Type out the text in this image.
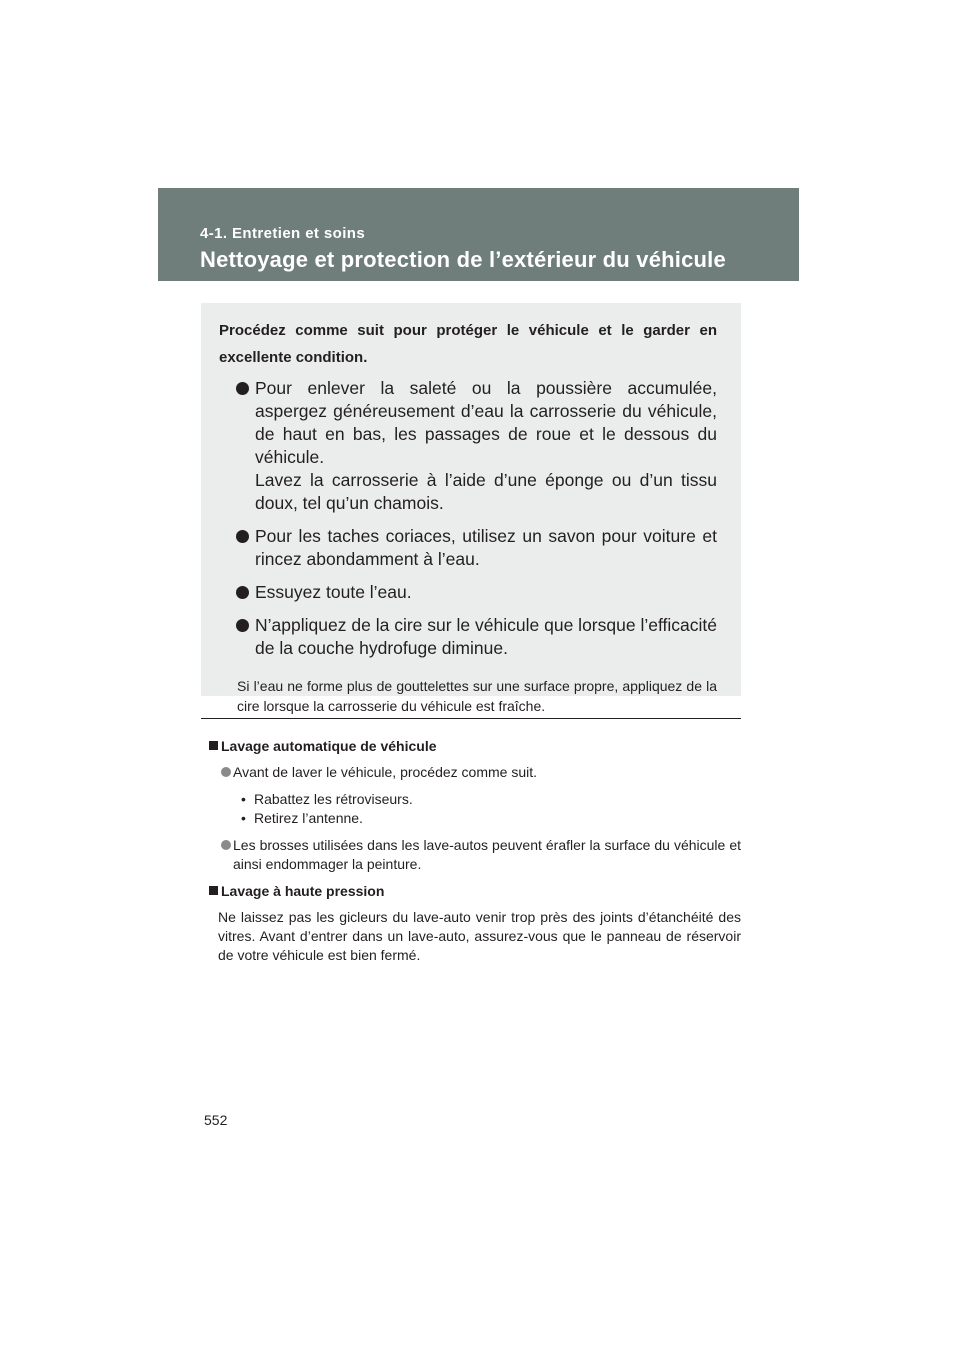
4-1. Entretien et soins
Nettoyage et protection de l’extérieur du véhicule

Procédez comme suit pour protéger le véhicule et le garder en excellente condition.

Pour enlever la saleté ou la poussière accumulée, aspergez généreusement d’eau la carrosserie du véhicule, de haut en bas, les passages de roue et le dessous du véhicule.
Lavez la carrosserie à l’aide d’une éponge ou d’un tissu doux, tel qu’un chamois.
Pour les taches coriaces, utilisez un savon pour voiture et rincez abondamment à l’eau.
Essuyez toute l’eau.
N’appliquez de la cire sur le véhicule que lorsque l’efficacité de la couche hydrofuge diminue.
Si l’eau ne forme plus de gouttelettes sur une surface propre, appliquez de la cire lorsque la carrosserie du véhicule est fraîche.
Lavage automatique de véhicule
Avant de laver le véhicule, procédez comme suit.
• Rabattez les rétroviseurs.
• Retirez l’antenne.
Les brosses utilisées dans les lave-autos peuvent érafler la surface du véhicule et ainsi endommager la peinture.
Lavage à haute pression
Ne laissez pas les gicleurs du lave-auto venir trop près des joints d’étanchéité des vitres. Avant d’entrer dans un lave-auto, assurez-vous que le panneau de réservoir de votre véhicule est bien fermé.
552
